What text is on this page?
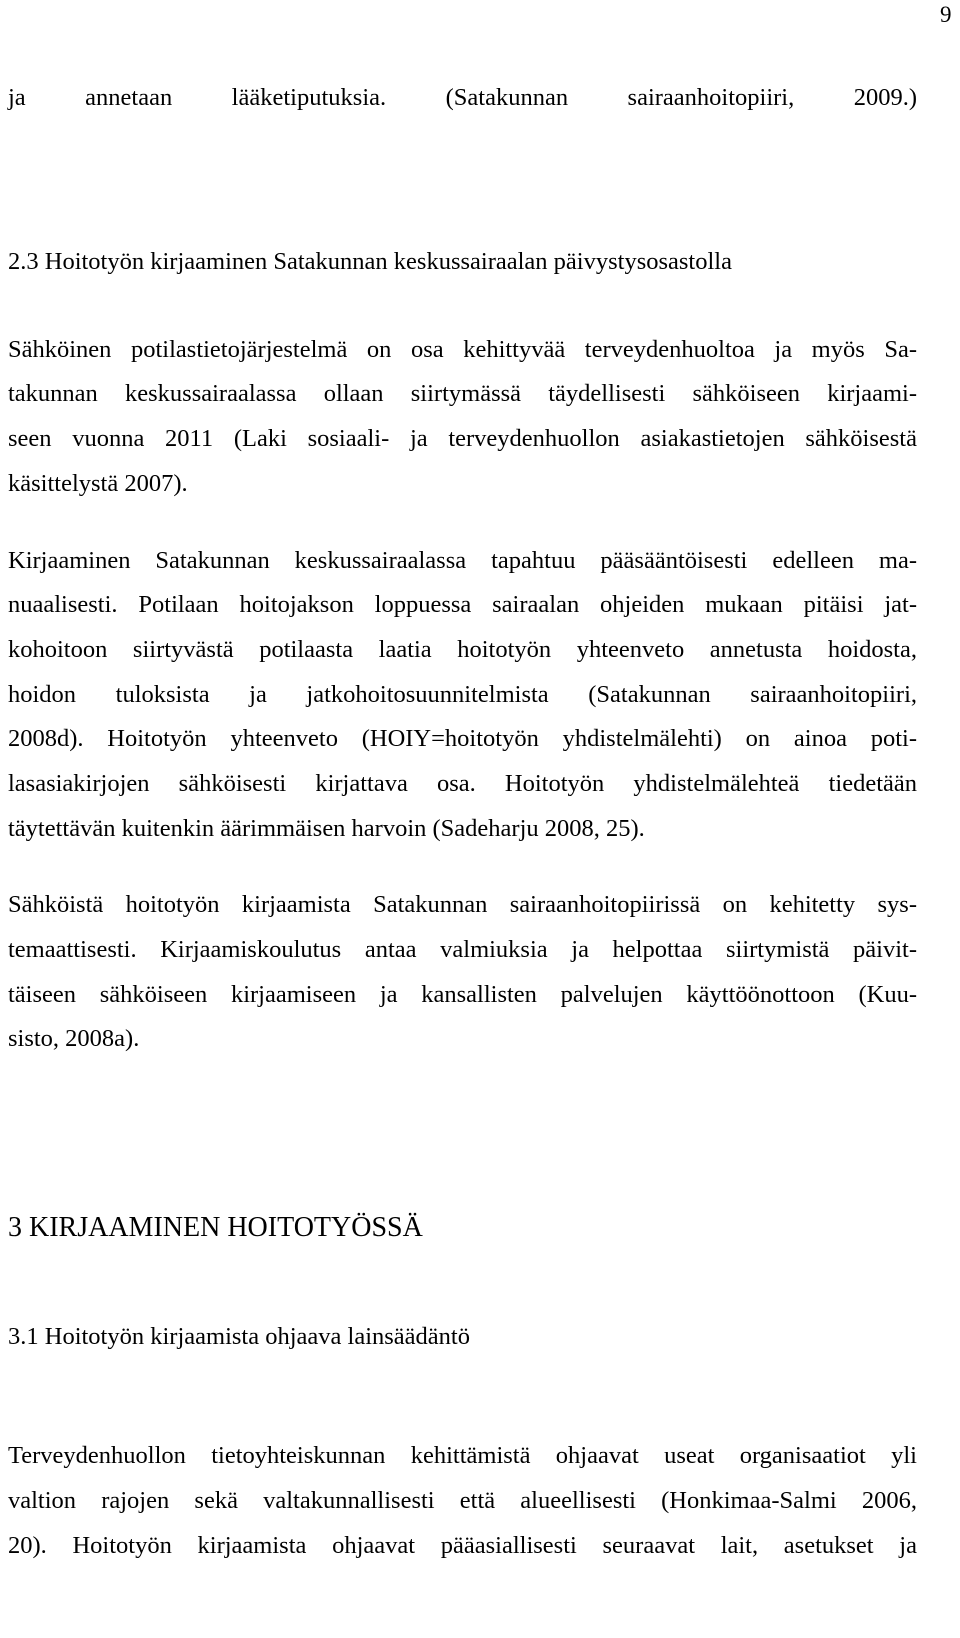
9
ja annetaan lääketiputuksia. (Satakunnan sairaanhoitopiiri, 2009.)
2.3 Hoitotyön kirjaaminen Satakunnan keskussairaalan päivystysosastolla
Sähköinen potilastietojärjestelmä on osa kehittyvää terveydenhuoltoa ja myös Sa-
takunnan keskussairaalassa ollaan siirtymässä täydellisesti sähköiseen kirjaami-
seen vuonna 2011 (Laki sosiaali- ja terveydenhuollon asiakastietojen sähköisestä
käsittelystä 2007).
Kirjaaminen Satakunnan keskussairaalassa tapahtuu pääsääntöisesti edelleen ma-
nuaalisesti. Potilaan hoitojakson loppuessa sairaalan ohjeiden mukaan pitäisi jat-
kohoitoon siirtyvästä potilaasta laatia hoitotyön yhteenveto annetusta hoidosta,
hoidon tuloksista ja jatkohoitosuunnitelmista (Satakunnan sairaanhoitopiiri,
2008d). Hoitotyön yhteenveto (HOIY=hoitotyön yhdistelmälehti) on ainoa poti-
lasasiakirjojen sähköisesti kirjattava osa. Hoitotyön yhdistelmälehteä tiedetään
täytettävän kuitenkin äärimmäisen harvoin (Sadeharju 2008, 25).
Sähköistä hoitotyön kirjaamista Satakunnan sairaanhoitopiirissä on kehitetty sys-
temaattisesti. Kirjaamiskoulutus antaa valmiuksia ja helpottaa siirtymistä päivit-
täiseen sähköiseen kirjaamiseen ja kansallisten palvelujen käyttöönottoon (Kuu-
sisto, 2008a).
3 KIRJAAMINEN HOITOTYÖSSÄ
3.1 Hoitotyön kirjaamista ohjaava lainsäädäntö
Terveydenhuollon tietoyhteiskunnan kehittämistä ohjaavat useat organisaatiot yli
valtion rajojen sekä valtakunnallisesti että alueellisesti (Honkimaa-Salmi 2006,
20). Hoitotyön kirjaamista ohjaavat pääasiallisesti seuraavat lait, asetukset ja
